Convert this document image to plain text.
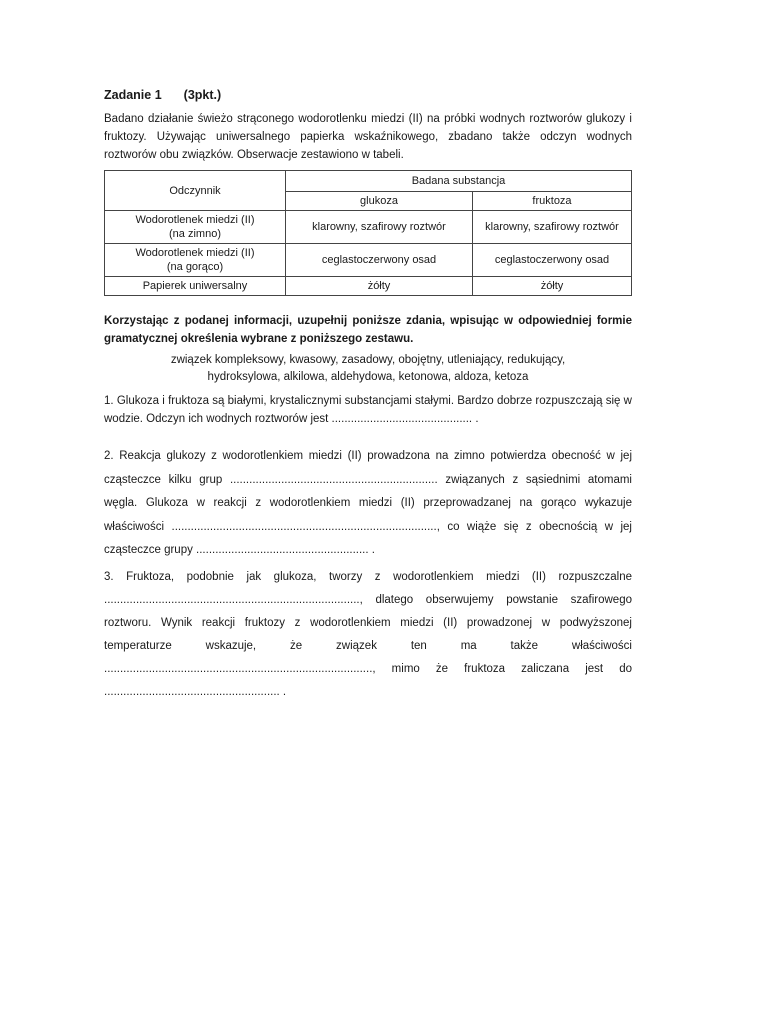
Zadanie 1 (3pkt.)
Badano działanie świeżo strąconego wodorotlenku miedzi (II) na próbki wodnych roztworów glukozy i fruktozy. Używając uniwersalnego papierka wskaźnikowego, zbadano także odczyn wodnych roztworów obu związków. Obserwacje zestawiono w tabeli.
Odczynnik	Badana substancja	
	glukoza	fruktoza
Wodorotlenek miedzi (II)
(na zimno)	klarowny, szafirowy roztwór	klarowny, szafirowy roztwór
Wodorotlenek miedzi (II)
(na gorąco)	ceglastoczerwony osad	ceglastoczerwony osad
Papierek uniwersalny	żółty	żółty
Korzystając z podanej informacji, uzupełnij poniższe zdania, wpisując w odpowiedniej formie gramatycznej określenia wybrane z poniższego zestawu.
związek kompleksowy, kwasowy, zasadowy, obojętny, utleniający, redukujący,
hydroksylowa, alkilowa, aldehydowa, ketonowa, aldoza, ketoza
1. Glukoza i fruktoza są białymi, krystalicznymi substancjami stałymi. Bardzo dobrze rozpuszczają się w wodzie. Odczyn ich wodnych roztworów jest ............................................ .
2. Reakcja glukozy z wodorotlenkiem miedzi (II) prowadzona na zimno potwierdza obecność w jej cząsteczce kilku grup ................................................................. związanych z sąsiednimi atomami węgla. Glukoza w reakcji z wodorotlenkiem miedzi (II) przeprowadzanej na gorąco wykazuje właściwości ..................................................................................., co wiąże się z obecnością w jej cząsteczce grupy ...................................................... .
3. Fruktoza, podobnie jak glukoza, tworzy z wodorotlenkiem miedzi (II) rozpuszczalne ................................................................................, dlatego obserwujemy powstanie szafirowego roztworu. Wynik reakcji fruktozy z wodorotlenkiem miedzi (II) prowadzonej w podwyższonej temperaturze wskazuje, że związek ten ma także właściwości ...................................................................................., mimo że fruktoza zaliczana jest do ....................................................... .
